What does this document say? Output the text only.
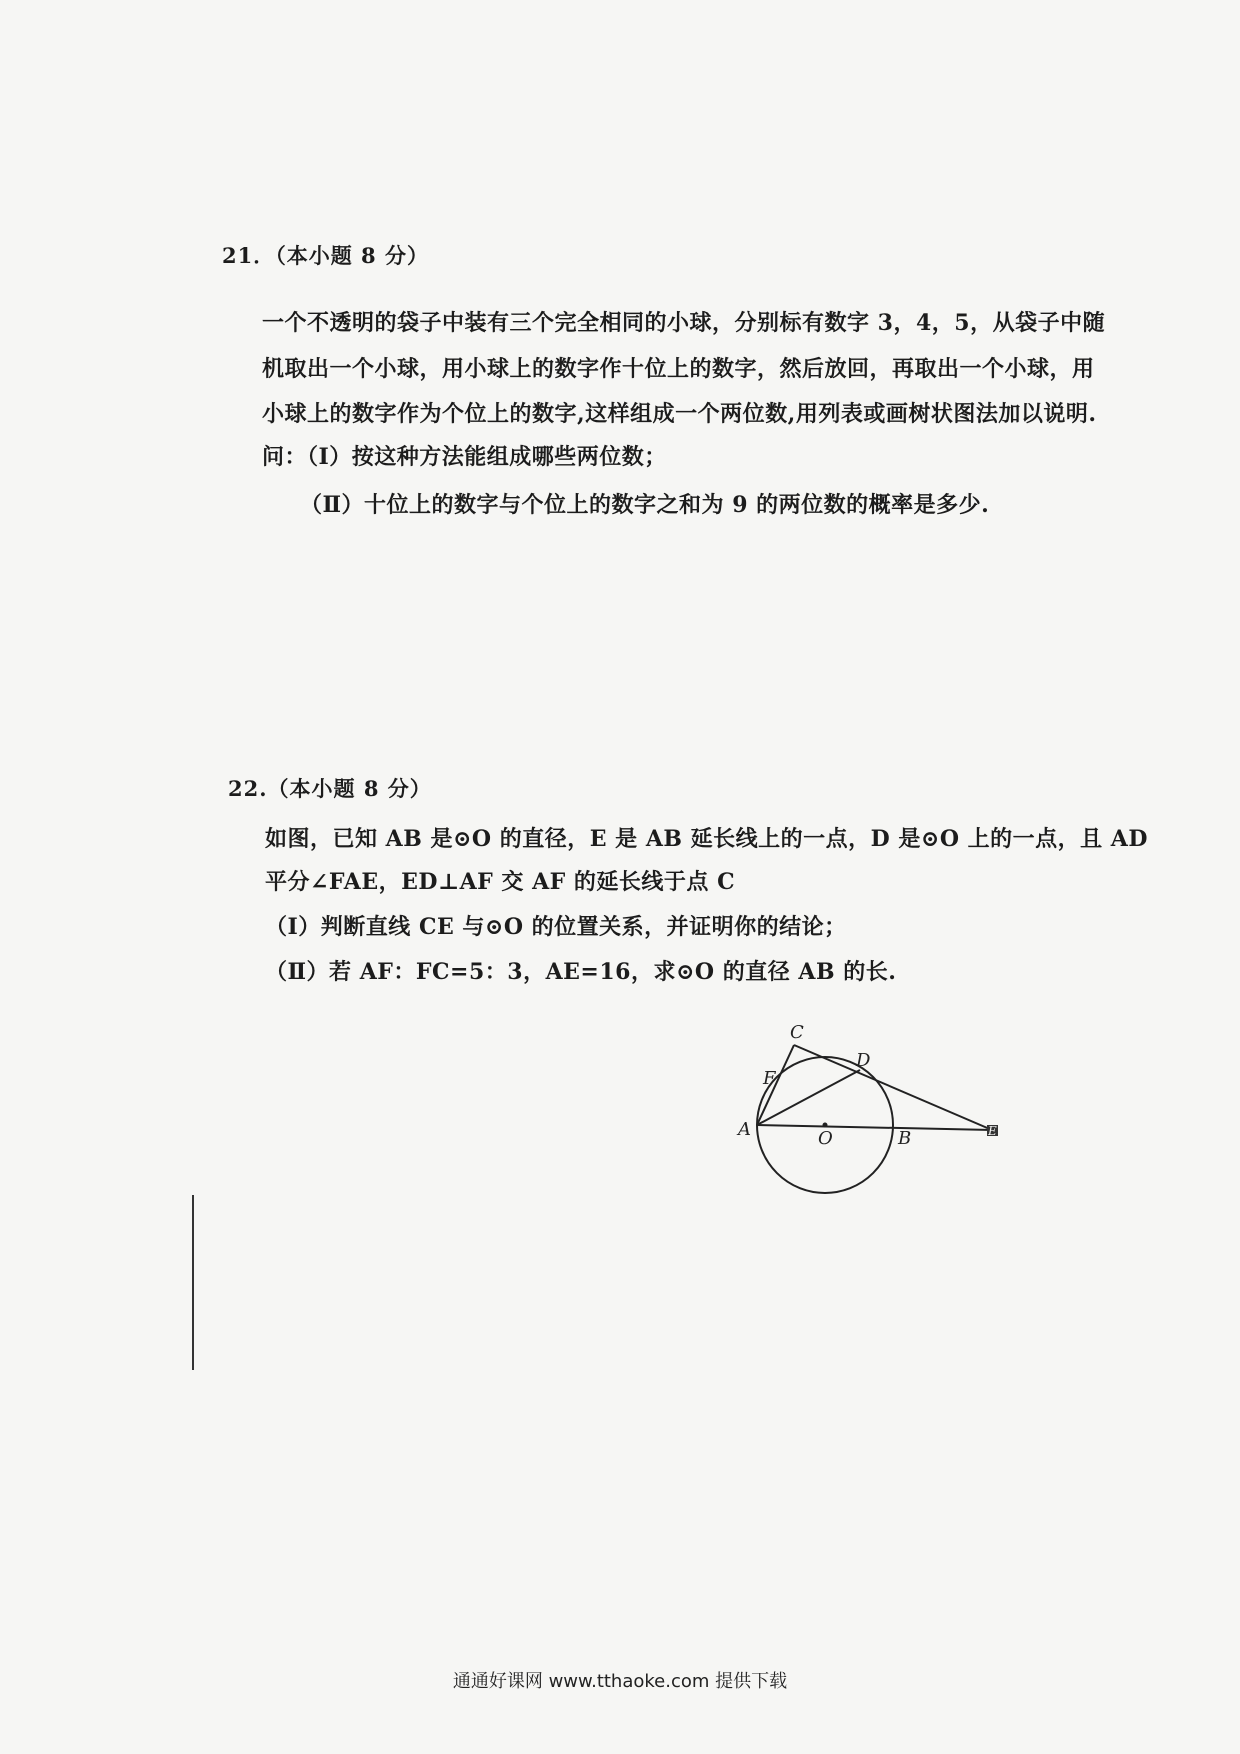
21．（本小题 8 分）
一个不透明的袋子中装有三个完全相同的小球，分别标有数字 3，4，5，从袋子中随
机取出一个小球，用小球上的数字作十位上的数字，然后放回，再取出一个小球，用
小球上的数字作为个位上的数字,这样组成一个两位数,用列表或画树状图法加以说明.
问：（Ⅰ）按这种方法能组成哪些两位数；
（Ⅱ）十位上的数字与个位上的数字之和为 9 的两位数的概率是多少.
22.（本小题 8 分）
如图，已知 AB 是⊙O 的直径，E 是 AB 延长线上的一点，D 是⊙O 上的一点，且 AD
平分∠FAE，ED⊥AF 交 AF 的延长线于点 C
（Ⅰ）判断直线 CE 与⊙O 的位置关系，并证明你的结论；
（Ⅱ）若 AF：FC=5：3，AE=16，求⊙O 的直径 AB 的长.
C
D
F
A	O	B	E
通通好课网 www.tthaoke.com 提供下载
